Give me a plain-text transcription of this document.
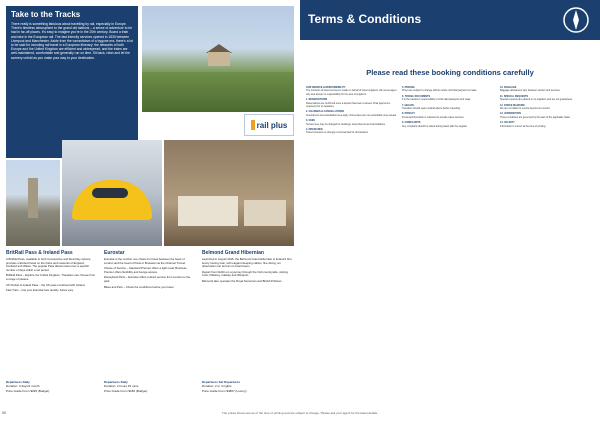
Take to the Tracks

There really is something fabulous about travelling by rail, especially in Europe. There's timeless atmosphere to the grand old stations – a sense of adventure to be had in far-off places. It's easy to imagine you're in the 20th century. Board a train and take in the European rail. The fast intercity services opened in 1830 between Liverpool and Manchester. Aside from the romanticism of a bygone era, there's a lot to be said for including rail travel in a European itinerary: the networks of both Europe and the United Kingdom are efficient and widespread, and the trains are well-maintained, comfortable and generally run on time. Sit back, relax and let the scenery unfold as you make your way to your destination.

rail plus
BritRail Pass & Ireland Pass

A BritRail Pass, available to both Consecutive and Flexi Day options, provides unlimited travel on the trains and networks of England, Scotland and Wales. The popular Pass allows travel over a specific number of days within a set period.

BritRail Pass – Explore the United Kingdom. Travellers can choose from a range of passes.

UK Pocket & Ireland Pass – the UK pass combined with Ireland.

Fast Train – Get your Eurostar fare quickly. Fares vary.

Eurostar

Eurostar is the number one choice for travel between the heart of London and the heart of Paris or Brussels via the Channel Tunnel.

Choice of Service – Standard Premier offers a light meal; Business Premier offers flexibility and lounge access.

Disneyland Paris – Eurostar offers a direct service from London to the park.

Bikes and Pets – Check the conditions before you travel.

Belmond Grand Hibernian

Launched in August 2016, the Belmond Grand Hibernian is Ireland's first luxury touring train, with elegant sleeping cabins, fine dining, an observation car and an on-board team.

Depart from Dublin on a journey through the Irish countryside, visiting Cork, Killarney, Galway and Westport.

Belmond also operates the Royal Scotsman and British Pullman.

Departures Daily
Duration: 3 days/1 month
Price Guide From $295 (Budget)
Departures Daily
Duration: 2 hours 15 mins
Price Guide From $180 (Budget)
Departures Set Departures
Duration: 2 or 4 nights
Price Guide From $4807 (Luxury)
56
Terms & Conditions
Please read these booking conditions carefully
OUR SERVICE & RESPONSIBILITY
The provision of travel services is made on behalf of travel suppliers. We act as agent only and accept no responsibility for the acts of suppliers.
1. RESERVATIONS
Reservations are confirmed once a deposit has been received. Final payment is required prior to departure.
2. CHANGES & CANCELLATIONS
Amendment and cancellation fees apply. Some fares are non-refundable once issued.
3. FEES
Service fees may be charged for bookings, amendments and cancellations.
4. INSURANCE
Travel insurance is strongly recommended for all travellers.
5. PRICING
Prices are subject to change without notice until final payment is made.
6. TRAVEL DOCUMENTS
It is the traveller's responsibility to hold valid passports and visas.
7. HEALTH
Travellers should seek medical advice before travelling.
8. PRIVACY
Personal information is collected to provide travel services.
9. COMPLAINTS
Any complaint should be raised during travel with the supplier.
10. BAGGAGE
Baggage allowances vary between carriers and services.
11. SPECIAL REQUESTS
Special requests are passed on to suppliers and are not guaranteed.
12. FORCE MAJEURE
We are not liable for events beyond our control.
13. JURISDICTION
These conditions are governed by the laws of the applicable State.
14. VALIDITY
Information is correct at the time of printing.
The prices shown are as of the time of printing and are subject to change. Please ask your agent for the latest details.
